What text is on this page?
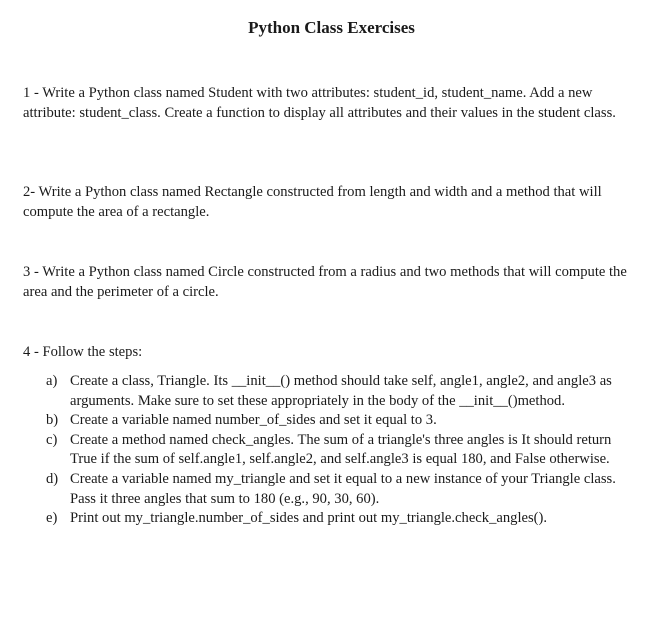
Python Class Exercises
1 - Write a Python class named Student with two attributes: student_id, student_name. Add a new attribute: student_class. Create a function to display all attributes and their values in the student class.
2- Write a Python class named Rectangle constructed from length and width and a method that will compute the area of a rectangle.
3 - Write a Python class named Circle constructed from a radius and two methods that will compute the area and the perimeter of a circle.
4 - Follow the steps:
a) Create a class, Triangle. Its __init__() method should take self, angle1, angle2, and angle3 as arguments. Make sure to set these appropriately in the body of the __init__()method.
b) Create a variable named number_of_sides and set it equal to 3.
c) Create a method named check_angles. The sum of a triangle's three angles is It should return True if the sum of self.angle1, self.angle2, and self.angle3 is equal 180, and False otherwise.
d) Create a variable named my_triangle and set it equal to a new instance of your Triangle class. Pass it three angles that sum to 180 (e.g., 90, 30, 60).
e) Print out my_triangle.number_of_sides and print out my_triangle.check_angles().
